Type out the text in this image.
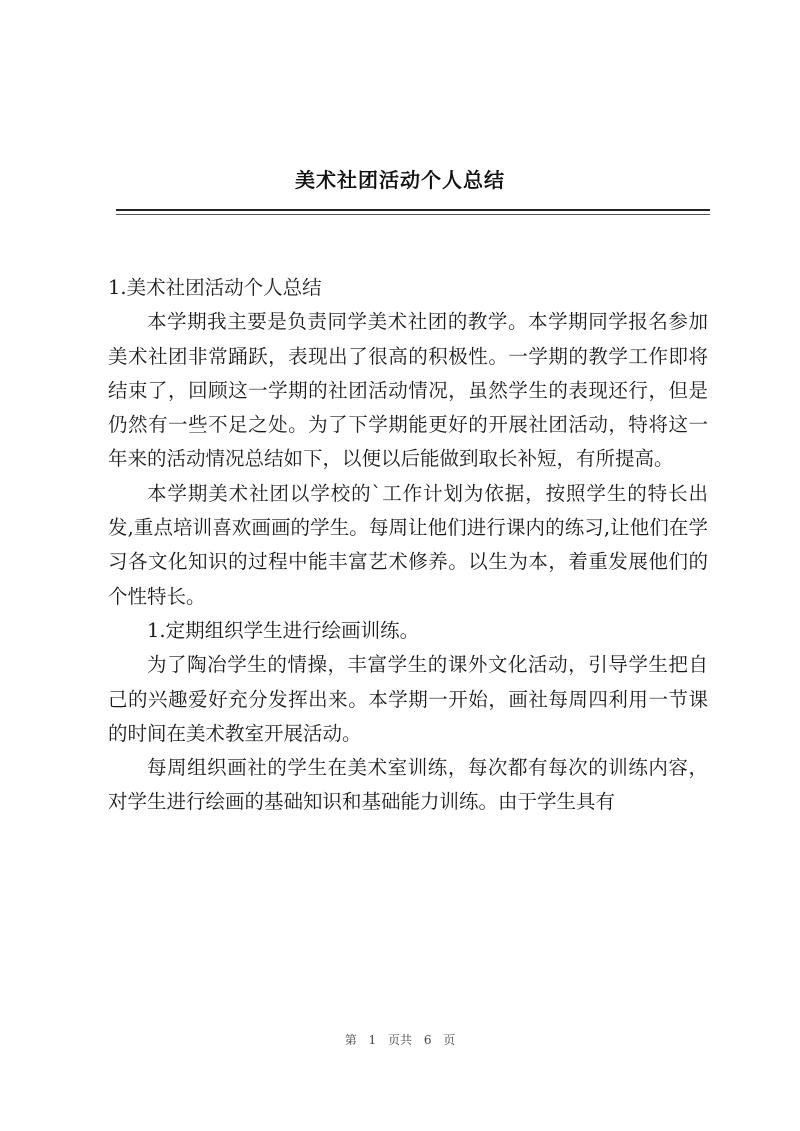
美术社团活动个人总结

1.美术社团活动个人总结

本学期我主要是负责同学美术社团的教学。本学期同学报名参加美术社团非常踊跃，表现出了很高的积极性。一学期的教学工作即将结束了，回顾这一学期的社团活动情况，虽然学生的表现还行，但是仍然有一些不足之处。为了下学期能更好的开展社团活动，特将这一年来的活动情况总结如下，以便以后能做到取长补短，有所提高。

本学期美术社团以学校的`工作计划为依据，按照学生的特长出发,重点培训喜欢画画的学生。每周让他们进行课内的练习,让他们在学习各文化知识的过程中能丰富艺术修养。以生为本，着重发展他们的个性特长。

1.定期组织学生进行绘画训练。

为了陶冶学生的情操，丰富学生的课外文化活动，引导学生把自己的兴趣爱好充分发挥出来。本学期一开始，画社每周四利用一节课的时间在美术教室开展活动。

每周组织画社的学生在美术室训练，每次都有每次的训练内容，对学生进行绘画的基础知识和基础能力训练。由于学生具有

第 1 页共 6 页
